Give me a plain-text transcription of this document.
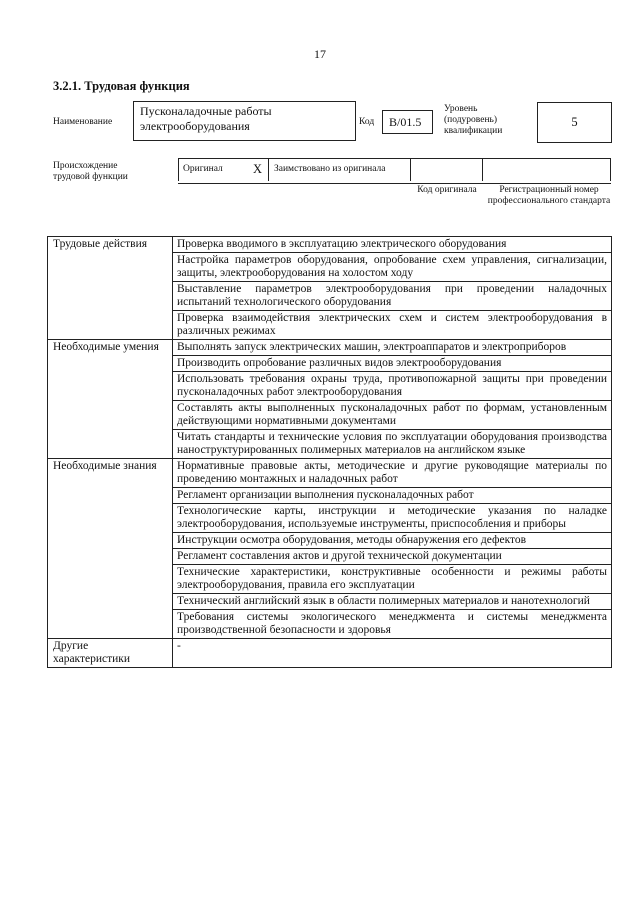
17
3.2.1. Трудовая функция
Наименование
Пусконаладочные работы электрооборудования	Код	B/01.5
Уровень (подуровень) квалификации
5
Происхождение трудовой функции
Оригинал X Заимствовано из оригинала
Код оригинала	Регистрационный номер профессионального стандарта
Трудовые действия	Проверка вводимого в эксплуатацию электрического оборудования
	Настройка параметров оборудования, опробование схем управления, сигнализации, защиты, электрооборудования на холостом ходу
	Выставление параметров электрооборудования при проведении наладочных испытаний технологического оборудования
	Проверка взаимодействия электрических схем и систем электрооборудования в различных режимах
Необходимые умения	Выполнять запуск электрических машин, электроаппаратов и электроприборов
	Производить опробование различных видов электрооборудования
	Использовать требования охраны труда, противопожарной защиты при проведении пусконаладочных работ электрооборудования
	Составлять акты выполненных пусконаладочных работ по формам, установленным действующими нормативными документами
	Читать стандарты и технические условия по эксплуатации оборудования производства наноструктурированных полимерных материалов на английском языке
Необходимые знания	Нормативные правовые акты, методические и другие руководящие материалы по проведению монтажных и наладочных работ
	Регламент организации выполнения пусконаладочных работ
	Технологические карты, инструкции и методические указания по наладке электрооборудования, используемые инструменты, приспособления и приборы
	Инструкции осмотра оборудования, методы обнаружения его дефектов
	Регламент составления актов и другой технической документации
	Технические характеристики, конструктивные особенности и режимы работы электрооборудования, правила его эксплуатации
	Технический английский язык в области полимерных материалов и нанотехнологий
	Требования системы экологического менеджмента и системы менеджмента производственной безопасности и здоровья
Другие характеристики	-
